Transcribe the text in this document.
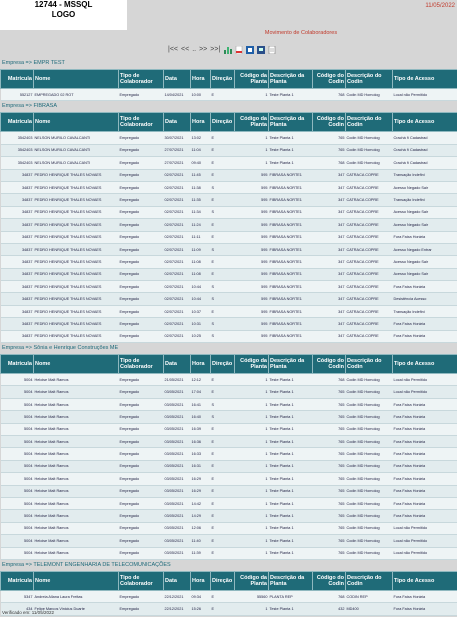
12744 - MSSQL
LOGO
11/05/2022
Movimento de Colaboradores
|<< << .. >> >>|
Empresa => EMPR TEST
Matricula	Nome	Tipo de Colaborador	Data	Hora	Direção	Código da Planta	Descrição da Planta	Código do Codin	Descrição do Codin	Tipo de Acesso
552127	EMPREGADO 02 ROT	Empregado	14/04/2021	10:00	E	1	Teste Planta 1	768	Codin MD Homolog	Local não Permitido
Empresa => FIBRASA
Matricula	Nome	Tipo de Colaborador	Data	Hora	Direção	Código da Planta	Descrição da Planta	Código do Codin	Descrição do Codin	Tipo de Acesso
3542403	NELSON MURILO CAVALCANTI	Empregado	30/07/2021	13:02	E	1	Teste Planta 1	765	Codin MD Homolog	Crachá ñ Cadastrad
3542403	NELSON MURILO CAVALCANTI	Empregado	27/07/2021	11:04	E	1	Teste Planta 1	765	Codin MD Homolog	Crachá ñ Cadastrad
3542403	NELSON MURILO CAVALCANTI	Empregado	27/07/2021	09:40	E	1	Teste Planta 1	768	Codin MD Homolog	Crachá ñ Cadastrad
34837	PEDRO HENRIQUE THALES NOVAES	Empregado	02/07/2021	11:45	E	595	FIBRASA NORTE1	347	CATRACA COPRE	Transação Indefini
34837	PEDRO HENRIQUE THALES NOVAES	Empregado	02/07/2021	11:38	S	595	FIBRASA NORTE1	347	CATRACA COPRE	Acesso Negado Sair
34837	PEDRO HENRIQUE THALES NOVAES	Empregado	02/07/2021	11:35	E	595	FIBRASA NORTE1	347	CATRACA COPRE	Transação Indefini
34837	PEDRO HENRIQUE THALES NOVAES	Empregado	02/07/2021	11:34	S	595	FIBRASA NORTE1	347	CATRACA COPRE	Acesso Negado Sair
34837	PEDRO HENRIQUE THALES NOVAES	Empregado	02/07/2021	11:24	E	595	FIBRASA NORTE1	347	CATRACA COPRE	Acesso Negado Sair
34837	PEDRO HENRIQUE THALES NOVAES	Empregado	02/07/2021	11:11	E	595	FIBRASA NORTE1	347	CATRACA COPRE	Fora Faixa Horária
34837	PEDRO HENRIQUE THALES NOVAES	Empregado	02/07/2021	11:09	S	595	FIBRASA NORTE1	347	CATRACA COPRE	Acesso Negado Entrar
34837	PEDRO HENRIQUE THALES NOVAES	Empregado	02/07/2021	11:08	E	595	FIBRASA NORTE1	347	CATRACA COPRE	Acesso Negado Sair
34837	PEDRO HENRIQUE THALES NOVAES	Empregado	02/07/2021	11:08	E	595	FIBRASA NORTE1	347	CATRACA COPRE	Acesso Negado Sair
34837	PEDRO HENRIQUE THALES NOVAES	Empregado	02/07/2021	10:44	S	595	FIBRASA NORTE1	347	CATRACA COPRE	Fora Faixa Horária
34837	PEDRO HENRIQUE THALES NOVAES	Empregado	02/07/2021	10:44	S	595	FIBRASA NORTE1	347	CATRACA COPRE	Desistência Acesso
34837	PEDRO HENRIQUE THALES NOVAES	Empregado	02/07/2021	10:37	E	595	FIBRASA NORTE1	347	CATRACA COPRE	Transação Indefini
34837	PEDRO HENRIQUE THALES NOVAES	Empregado	02/07/2021	10:31	S	595	FIBRASA NORTE1	347	CATRACA COPRE	Fora Faixa Horária
34837	PEDRO HENRIQUE THALES NOVAES	Empregado	02/07/2021	10:25	S	595	FIBRASA NORTE1	347	CATRACA COPRE	Fora Faixa Horária
Empresa => Sônia e Henrique Construções ME
Matricula	Nome	Tipo de Colaborador	Data	Hora	Direção	Código da Planta	Descrição da Planta	Código do Codin	Descrição do Codin	Tipo de Acesso
5004	Heloise Malt Ramos	Empregado	21/05/2021	12:12	E	1	Teste Planta 1	768	Codin MD Homolog	Local não Permitido
5004	Heloise Malt Ramos	Empregado	03/05/2021	17:04	E	1	Teste Planta 1	765	Codin MD Homolog	Local não Permitido
5004	Heloise Malt Ramos	Empregado	03/05/2021	16:41	S	1	Teste Planta 1	765	Codin MD Homolog	Fora Faixa Horária
5004	Heloise Malt Ramos	Empregado	03/05/2021	16:40	S	1	Teste Planta 1	765	Codin MD Homolog	Fora Faixa Horária
5004	Heloise Malt Ramos	Empregado	03/05/2021	16:39	E	1	Teste Planta 1	765	Codin MD Homolog	Fora Faixa Horária
5004	Heloise Malt Ramos	Empregado	03/05/2021	16:36	E	1	Teste Planta 1	765	Codin MD Homolog	Fora Faixa Horária
5004	Heloise Malt Ramos	Empregado	03/05/2021	16:33	E	1	Teste Planta 1	765	Codin MD Homolog	Fora Faixa Horária
5004	Heloise Malt Ramos	Empregado	03/05/2021	16:31	E	1	Teste Planta 1	765	Codin MD Homolog	Fora Faixa Horária
5004	Heloise Malt Ramos	Empregado	03/05/2021	16:29	E	1	Teste Planta 1	765	Codin MD Homolog	Fora Faixa Horária
5004	Heloise Malt Ramos	Empregado	03/05/2021	16:29	E	1	Teste Planta 1	765	Codin MD Homolog	Fora Faixa Horária
5004	Heloise Malt Ramos	Empregado	03/05/2021	14:42	E	1	Teste Planta 1	765	Codin MD Homolog	Fora Faixa Horária
5004	Heloise Malt Ramos	Empregado	03/05/2021	14:29	E	1	Teste Planta 1	765	Codin MD Homolog	Fora Faixa Horária
5004	Heloise Malt Ramos	Empregado	03/05/2021	12:06	E	1	Teste Planta 1	765	Codin MD Homolog	Local não Permitido
5004	Heloise Malt Ramos	Empregado	03/05/2021	11:40	E	1	Teste Planta 1	765	Codin MD Homolog	Local não Permitido
5004	Heloise Malt Ramos	Empregado	03/05/2021	11:39	E	1	Teste Planta 1	765	Codin MD Homolog	Local não Permitido
Empresa => TELEMONT ENGENHARIA DE TELECOMUNICAÇÕES
Matricula	Nome	Tipo de Colaborador	Data	Hora	Direção	Código da Planta	Descrição da Planta	Código do Codin	Descrição do Codin	Tipo de Acesso
5347	Andreia Allana Laura Freitas	Empregado	22/12/2021	09:34	E	55560	PLANTA REP	768	CODIN REP	Fora Faixa Horária
434	Felipe Marcos Vinicius Duarte	Empregado	22/12/2021	15:26	E	1	Teste Planta 1	432	MD400	Fora Faixa Horária
Verificado em: 11/05/2022
